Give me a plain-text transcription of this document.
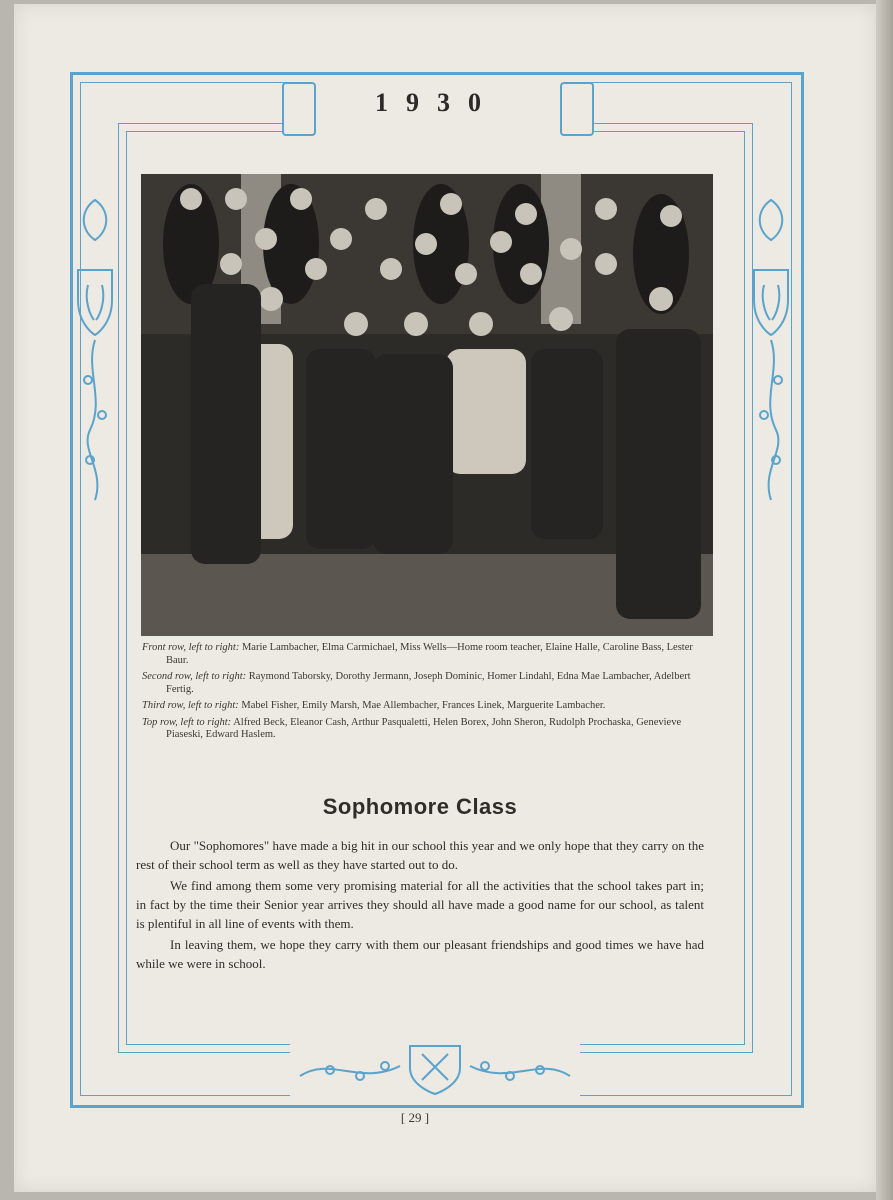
1930
Front row, left to right: Marie Lambacher, Elma Carmichael, Miss Wells—Home room teacher, Elaine Halle, Caroline Bass, Lester Baur.
Second row, left to right: Raymond Taborsky, Dorothy Jermann, Joseph Dominic, Homer Lindahl, Edna Mae Lambacher, Adelbert Fertig.
Third row, left to right: Mabel Fisher, Emily Marsh, Mae Allembacher, Frances Linek, Marguerite Lambacher.
Top row, left to right: Alfred Beck, Eleanor Cash, Arthur Pasqualetti, Helen Borex, John Sheron, Rudolph Prochaska, Genevieve Piaseski, Edward Haslem.
Sophomore Class

Our "Sophomores" have made a big hit in our school this year and we only hope that they carry on the rest of their school term as well as they have started out to do.

We find among them some very promising material for all the activities that the school takes part in; in fact by the time their Senior year arrives they should all have made a good name for our school, as talent is plentiful in all line of events with them.

In leaving them, we hope they carry with them our pleasant friendships and good times we have had while we were in school.

[ 29 ]
